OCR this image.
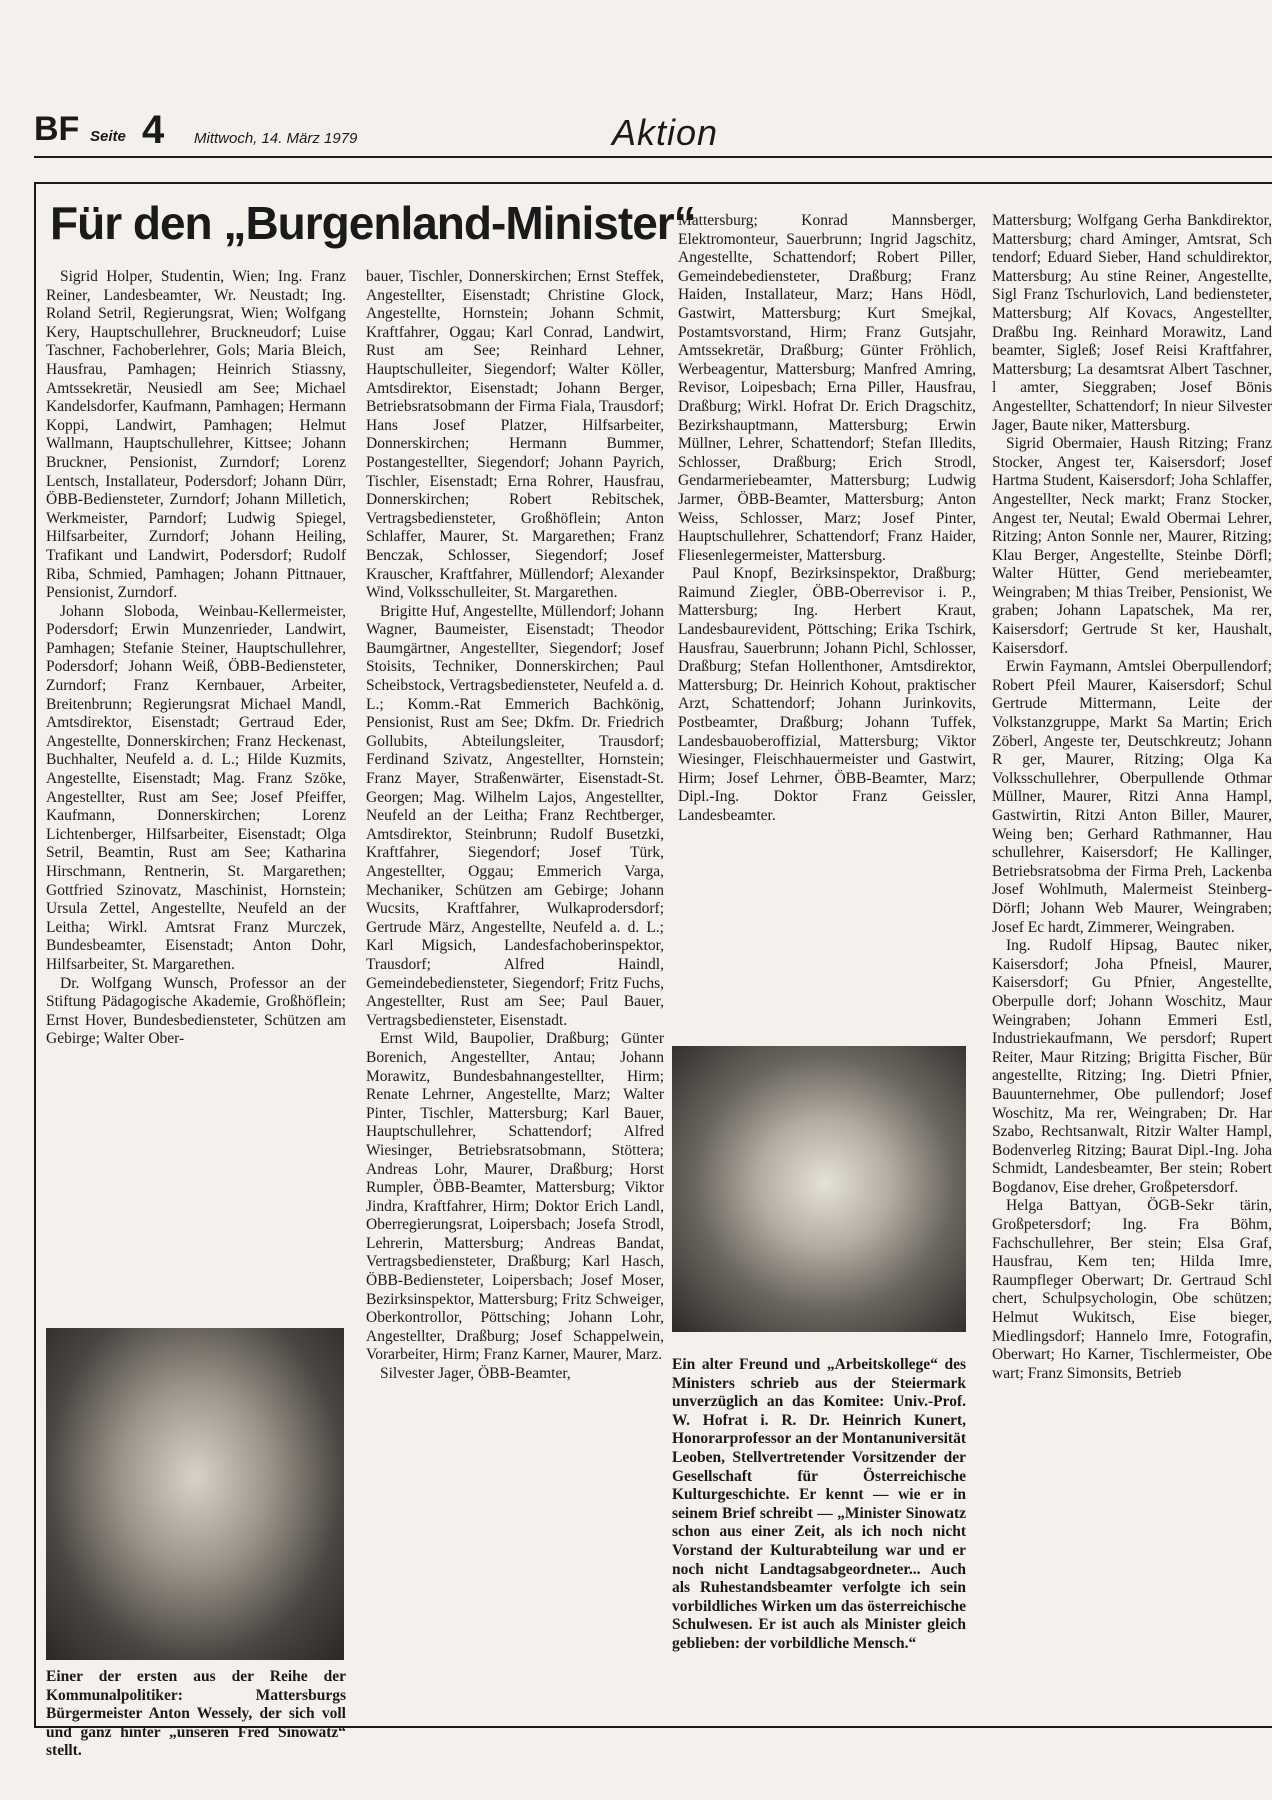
BF Seite 4 Mittwoch, 14. März 1979	Aktion
Für den „Burgenland-Minister“

Sigrid Holper, Studentin, Wien; Ing. Franz Reiner, Landesbeamter, Wr. Neustadt; Ing. Roland Setril, Regierungsrat, Wien; Wolfgang Kery, Hauptschullehrer, Bruckneudorf; Luise Taschner, Fachoberlehrer, Gols; Maria Bleich, Hausfrau, Pamhagen; Heinrich Stiassny, Amtssekretär, Neusiedl am See; Michael Kandelsdorfer, Kaufmann, Pamhagen; Hermann Koppi, Landwirt, Pamhagen; Helmut Wallmann, Hauptschullehrer, Kittsee; Johann Bruckner, Pensionist, Zurndorf; Lorenz Lentsch, Installateur, Podersdorf; Johann Dürr, ÖBB-Bediensteter, Zurndorf; Johann Milletich, Werkmeister, Parndorf; Ludwig Spiegel, Hilfsarbeiter, Zurndorf; Johann Heiling, Trafikant und Landwirt, Podersdorf; Rudolf Riba, Schmied, Pamhagen; Johann Pittnauer, Pensionist, Zurndorf.

Johann Sloboda, Weinbau-Kellermeister, Podersdorf; Erwin Munzenrieder, Landwirt, Pamhagen; Stefanie Steiner, Hauptschullehrer, Podersdorf; Johann Weiß, ÖBB-Bediensteter, Zurndorf; Franz Kernbauer, Arbeiter, Breitenbrunn; Regierungsrat Michael Mandl, Amtsdirektor, Eisenstadt; Gertraud Eder, Angestellte, Donnerskirchen; Franz Heckenast, Buchhalter, Neufeld a. d. L.; Hilde Kuzmits, Angestellte, Eisenstadt; Mag. Franz Szöke, Angestellter, Rust am See; Josef Pfeiffer, Kaufmann, Donnerskirchen; Lorenz Lichtenberger, Hilfsarbeiter, Eisenstadt; Olga Setril, Beamtin, Rust am See; Katharina Hirschmann, Rentnerin, St. Margarethen; Gottfried Szinovatz, Maschinist, Hornstein; Ursula Zettel, Angestellte, Neufeld an der Leitha; Wirkl. Amtsrat Franz Murczek, Bundesbeamter, Eisenstadt; Anton Dohr, Hilfsarbeiter, St. Margarethen.

Dr. Wolfgang Wunsch, Professor an der Stiftung Pädagogische Akademie, Großhöflein; Ernst Hover, Bundesbediensteter, Schützen am Gebirge; Walter Ober-

Einer der ersten aus der Reihe der Kommunalpolitiker: Mattersburgs Bürgermeister Anton Wessely, der sich voll und ganz hinter „unseren Fred Sinowatz“ stellt.

bauer, Tischler, Donnerskirchen; Ernst Steffek, Angestellter, Eisenstadt; Christine Glock, Angestellte, Hornstein; Johann Schmit, Kraftfahrer, Oggau; Karl Conrad, Landwirt, Rust am See; Reinhard Lehner, Hauptschulleiter, Siegendorf; Walter Köller, Amtsdirektor, Eisenstadt; Johann Berger, Betriebsratsobmann der Firma Fiala, Trausdorf; Hans Josef Platzer, Hilfsarbeiter, Donnerskirchen; Hermann Bummer, Postangestellter, Siegendorf; Johann Payrich, Tischler, Eisenstadt; Erna Rohrer, Hausfrau, Donnerskirchen; Robert Rebitschek, Vertragsbediensteter, Großhöflein; Anton Schlaffer, Maurer, St. Margarethen; Franz Benczak, Schlosser, Siegendorf; Josef Krauscher, Kraftfahrer, Müllendorf; Alexander Wind, Volksschulleiter, St. Margarethen.

Brigitte Huf, Angestellte, Müllendorf; Johann Wagner, Baumeister, Eisenstadt; Theodor Baumgärtner, Angestellter, Siegendorf; Josef Stoisits, Techniker, Donnerskirchen; Paul Scheibstock, Vertragsbediensteter, Neufeld a. d. L.; Komm.-Rat Emmerich Bachkönig, Pensionist, Rust am See; Dkfm. Dr. Friedrich Gollubits, Abteilungsleiter, Trausdorf; Ferdinand Szivatz, Angestellter, Hornstein; Franz Mayer, Straßenwärter, Eisenstadt-St. Georgen; Mag. Wilhelm Lajos, Angestellter, Neufeld an der Leitha; Franz Rechtberger, Amtsdirektor, Steinbrunn; Rudolf Busetzki, Kraftfahrer, Siegendorf; Josef Türk, Angestellter, Oggau; Emmerich Varga, Mechaniker, Schützen am Gebirge; Johann Wucsits, Kraftfahrer, Wulkaprodersdorf; Gertrude März, Angestellte, Neufeld a. d. L.; Karl Migsich, Landesfachoberinspektor, Trausdorf; Alfred Haindl, Gemeindebediensteter, Siegendorf; Fritz Fuchs, Angestellter, Rust am See; Paul Bauer, Vertragsbediensteter, Eisenstadt.

Ernst Wild, Baupolier, Draßburg; Günter Borenich, Angestellter, Antau; Johann Morawitz, Bundesbahnangestellter, Hirm; Renate Lehrner, Angestellte, Marz; Walter Pinter, Tischler, Mattersburg; Karl Bauer, Hauptschullehrer, Schattendorf; Alfred Wiesinger, Betriebsratsobmann, Stöttera; Andreas Lohr, Maurer, Draßburg; Horst Rumpler, ÖBB-Beamter, Mattersburg; Viktor Jindra, Kraftfahrer, Hirm; Doktor Erich Landl, Oberregierungsrat, Loipersbach; Josefa Strodl, Lehrerin, Mattersburg; Andreas Bandat, Vertragsbediensteter, Draßburg; Karl Hasch, ÖBB-Bediensteter, Loipersbach; Josef Moser, Bezirksinspektor, Mattersburg; Fritz Schweiger, Oberkontrollor, Pöttsching; Johann Lohr, Angestellter, Draßburg; Josef Schappelwein, Vorarbeiter, Hirm; Franz Karner, Maurer, Marz.

Silvester Jager, ÖBB-Beamter,

Mattersburg; Konrad Mannsberger, Elektromonteur, Sauerbrunn; Ingrid Jagschitz, Angestellte, Schattendorf; Robert Piller, Gemeindebediensteter, Draßburg; Franz Haiden, Installateur, Marz; Hans Hödl, Gastwirt, Mattersburg; Kurt Smejkal, Postamtsvorstand, Hirm; Franz Gutsjahr, Amtssekretär, Draßburg; Günter Fröhlich, Werbeagentur, Mattersburg; Manfred Amring, Revisor, Loipesbach; Erna Piller, Hausfrau, Draßburg; Wirkl. Hofrat Dr. Erich Dragschitz, Bezirkshauptmann, Mattersburg; Erwin Müllner, Lehrer, Schattendorf; Stefan Illedits, Schlosser, Draßburg; Erich Strodl, Gendarmeriebeamter, Mattersburg; Ludwig Jarmer, ÖBB-Beamter, Mattersburg; Anton Weiss, Schlosser, Marz; Josef Pinter, Hauptschullehrer, Schattendorf; Franz Haider, Fliesenlegermeister, Mattersburg.

Paul Knopf, Bezirksinspektor, Draßburg; Raimund Ziegler, ÖBB-Oberrevisor i. P., Mattersburg; Ing. Herbert Kraut, Landesbaurevident, Pöttsching; Erika Tschirk, Hausfrau, Sauerbrunn; Johann Pichl, Schlosser, Draßburg; Stefan Hollenthoner, Amtsdirektor, Mattersburg; Dr. Heinrich Kohout, praktischer Arzt, Schattendorf; Johann Jurinkovits, Postbeamter, Draßburg; Johann Tuffek, Landesbauoberoffizial, Mattersburg; Viktor Wiesinger, Fleischhauermeister und Gastwirt, Hirm; Josef Lehrner, ÖBB-Beamter, Marz; Dipl.-Ing. Doktor Franz Geissler, Landesbeamter.

Ein alter Freund und „Arbeitskollege“ des Ministers schrieb aus der Steiermark unverzüglich an das Komitee: Univ.-Prof. W. Hofrat i. R. Dr. Heinrich Kunert, Honorarprofessor an der Montanuniversität Leoben, Stellvertretender Vorsitzender der Gesellschaft für Österreichische Kulturgeschichte. Er kennt — wie er in seinem Brief schreibt — „Minister Sinowatz schon aus einer Zeit, als ich noch nicht Vorstand der Kulturabteilung war und er noch nicht Landtagsabgeordneter... Auch als Ruhestandsbeamter verfolgte ich sein vorbildliches Wirken um das österreichische Schulwesen. Er ist auch als Minister gleich geblieben: der vorbildliche Mensch.“

Mattersburg; Wolfgang Gerha Bankdirektor, Mattersburg; chard Aminger, Amtsrat, Sch tendorf; Eduard Sieber, Hand schuldirektor, Mattersburg; Au stine Reiner, Angestellte, Sigl Franz Tschurlovich, Land bediensteter, Mattersburg; Alf Kovacs, Angestellter, Draßbu Ing. Reinhard Morawitz, Land beamter, Sigleß; Josef Reisi Kraftfahrer, Mattersburg; La desamtsrat Albert Taschner, l amter, Sieggraben; Josef Bönis Angestellter, Schattendorf; In nieur Silvester Jager, Baute niker, Mattersburg.

Sigrid Obermaier, Haush Ritzing; Franz Stocker, Angest ter, Kaisersdorf; Josef Hartma Student, Kaisersdorf; Joha Schlaffer, Angestellter, Neck markt; Franz Stocker, Angest ter, Neutal; Ewald Obermai Lehrer, Ritzing; Anton Sonnle ner, Maurer, Ritzing; Klau Berger, Angestellte, Steinbe Dörfl; Walter Hütter, Gend meriebeamter, Weingraben; M thias Treiber, Pensionist, We graben; Johann Lapatschek, Ma rer, Kaisersdorf; Gertrude St ker, Haushalt, Kaisersdorf.

Erwin Faymann, Amtslei Oberpullendorf; Robert Pfeil Maurer, Kaisersdorf; Schul Gertrude Mittermann, Leite der Volkstanzgruppe, Markt Sa Martin; Erich Zöberl, Angeste ter, Deutschkreutz; Johann R ger, Maurer, Ritzing; Olga Ka Volksschullehrer, Oberpullende Othmar Müllner, Maurer, Ritzi Anna Hampl, Gastwirtin, Ritzi Anton Biller, Maurer, Weing ben; Gerhard Rathmanner, Hau schullehrer, Kaisersdorf; He Kallinger, Betriebsratsobma der Firma Preh, Lackenba Josef Wohlmuth, Malermeist Steinberg-Dörfl; Johann Web Maurer, Weingraben; Josef Ec hardt, Zimmerer, Weingraben.

Ing. Rudolf Hipsag, Bautec niker, Kaisersdorf; Joha Pfneisl, Maurer, Kaisersdorf; Gu Pfnier, Angestellte, Oberpulle dorf; Johann Woschitz, Maur Weingraben; Johann Emmeri Estl, Industriekaufmann, We persdorf; Rupert Reiter, Maur Ritzing; Brigitta Fischer, Bür angestellte, Ritzing; Ing. Dietri Pfnier, Bauunternehmer, Obe pullendorf; Josef Woschitz, Ma rer, Weingraben; Dr. Har Szabo, Rechtsanwalt, Ritzir Walter Hampl, Bodenverleg Ritzing; Baurat Dipl.-Ing. Joha Schmidt, Landesbeamter, Ber stein; Robert Bogdanov, Eise dreher, Großpetersdorf.

Helga Battyan, ÖGB-Sekr tärin, Großpetersdorf; Ing. Fra Böhm, Fachschullehrer, Ber stein; Elsa Graf, Hausfrau, Kem ten; Hilda Imre, Raumpfleger Oberwart; Dr. Gertraud Schl chert, Schulpsychologin, Obe schützen; Helmut Wukitsch, Eise bieger, Miedlingsdorf; Hannelo Imre, Fotografin, Oberwart; Ho Karner, Tischlermeister, Obe wart; Franz Simonsits, Betrieb
